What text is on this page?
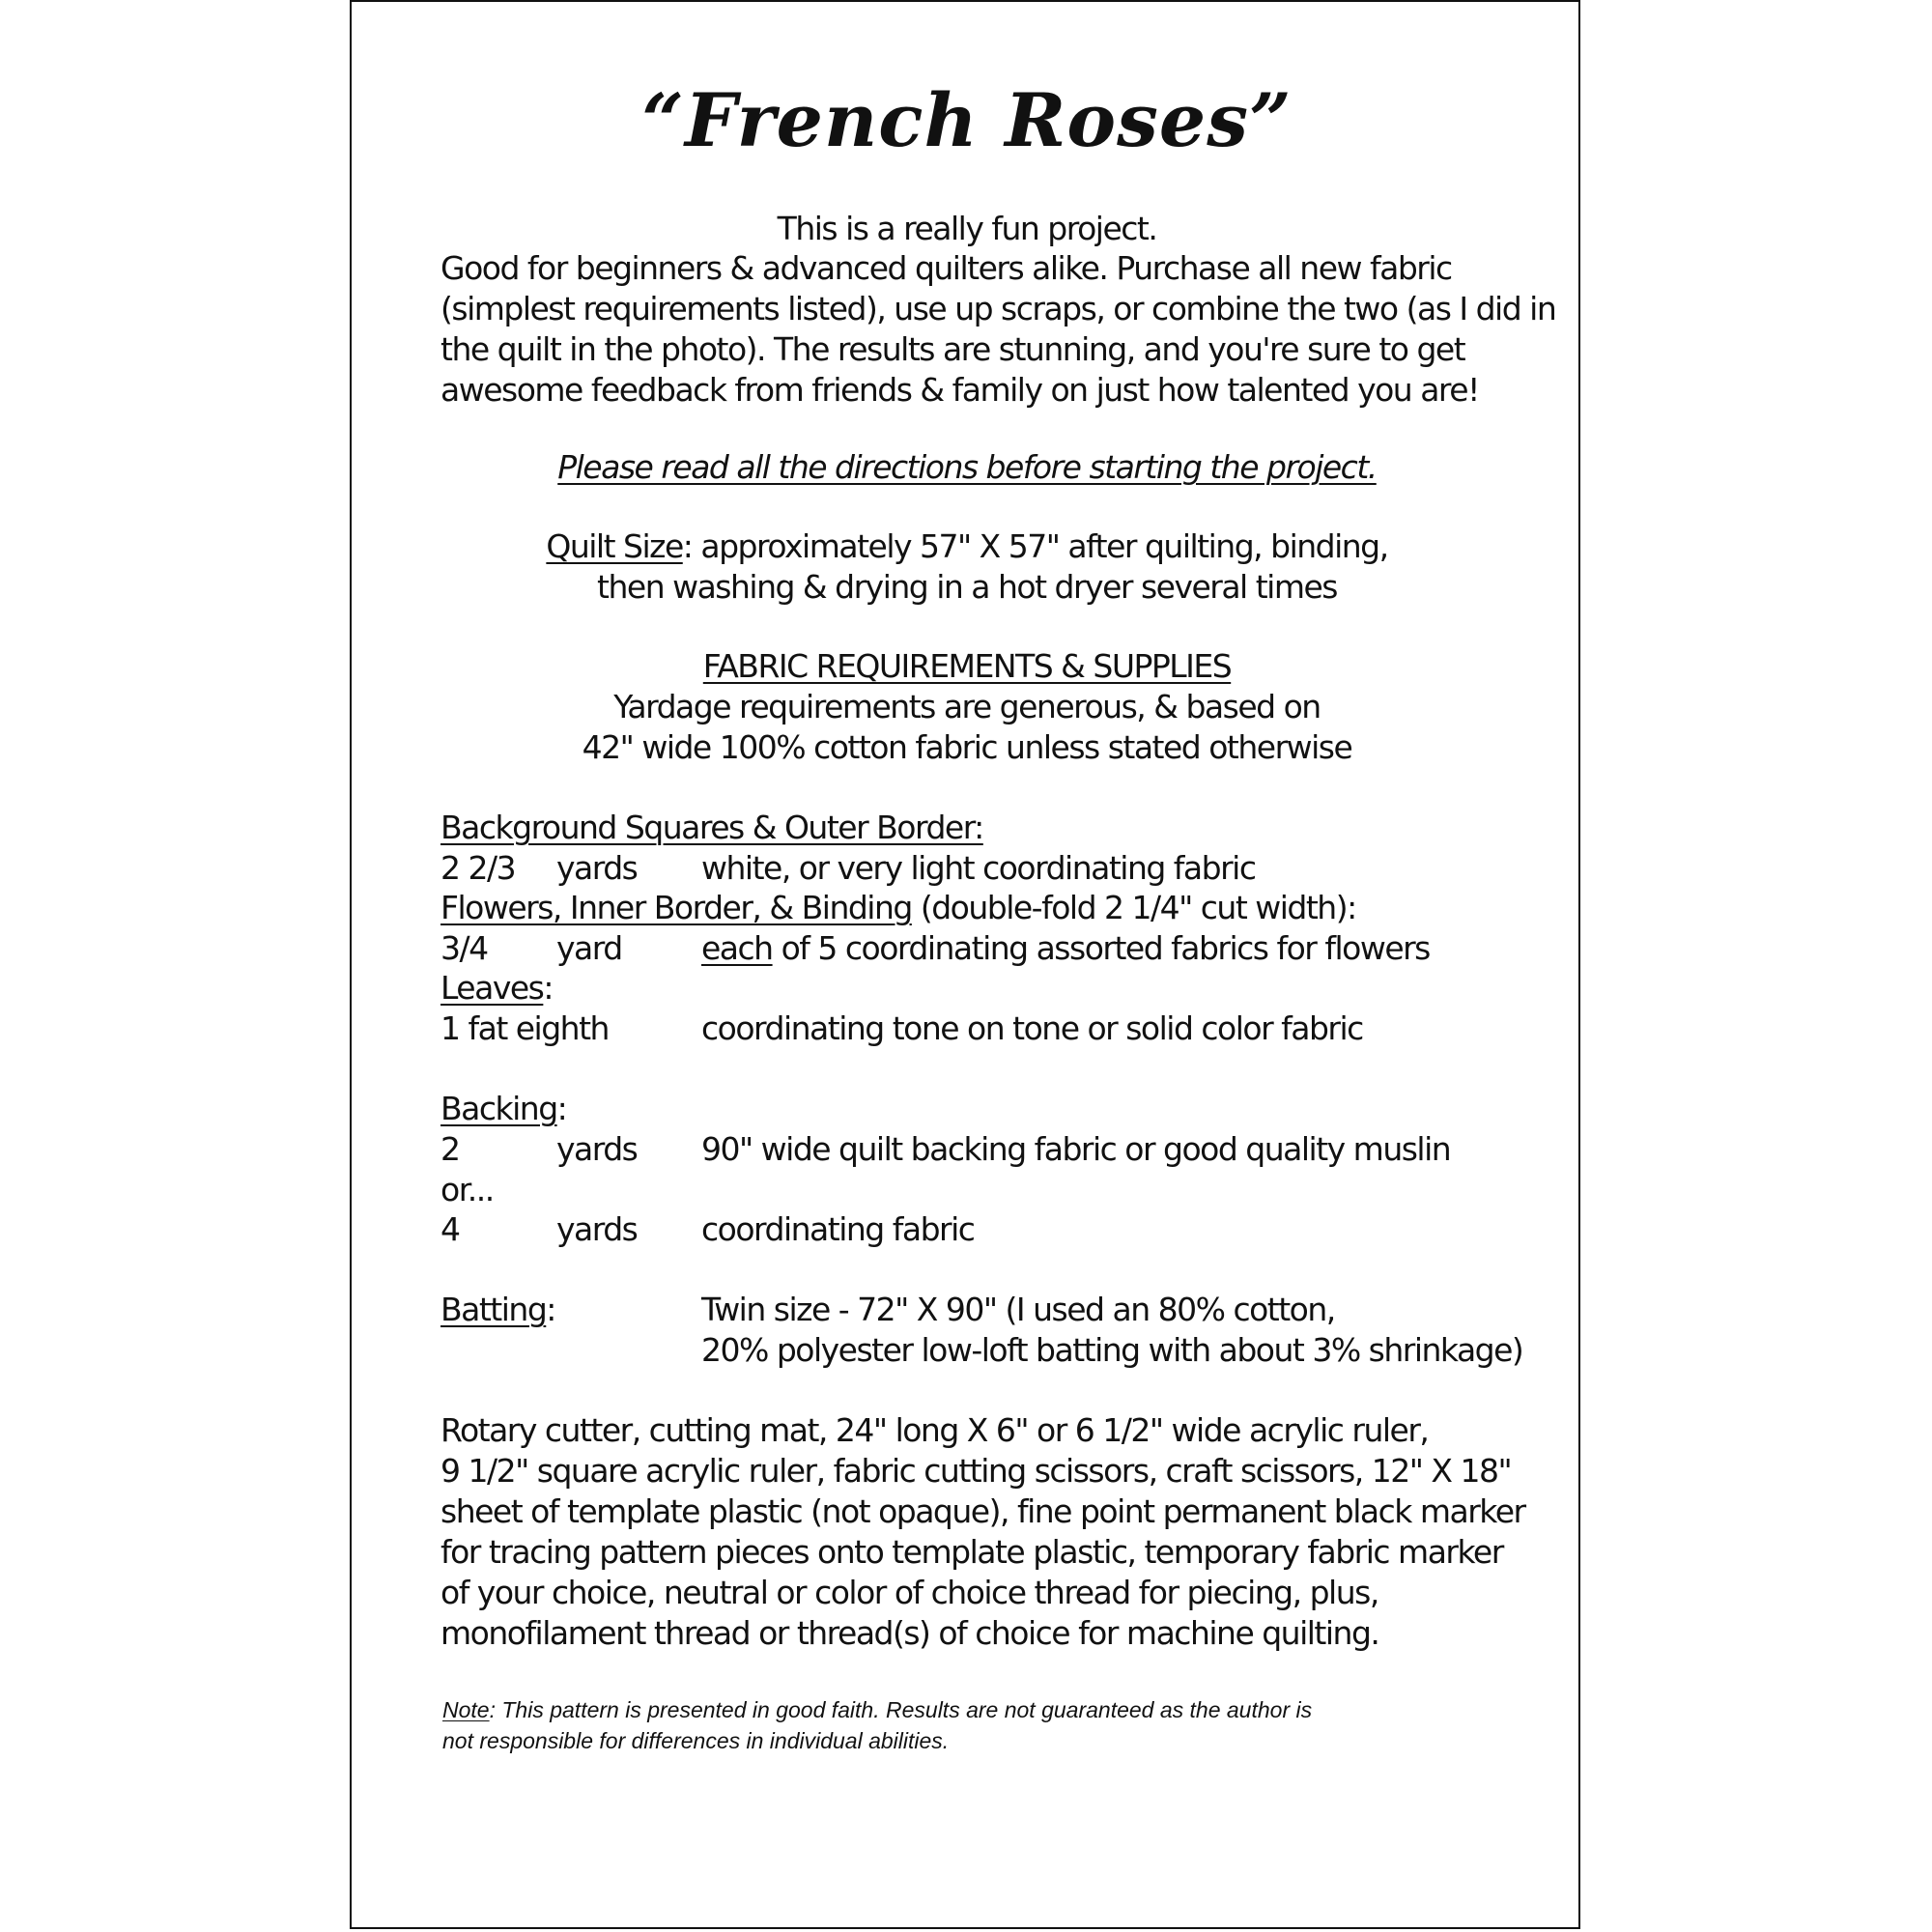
“French Roses”
This is a really fun project.
Good for beginners & advanced quilters alike. Purchase all new fabric
(simplest requirements listed), use up scraps, or combine the two (as I did in
the quilt in the photo). The results are stunning, and you're sure to get
awesome feedback from friends & family on just how talented you are!
Please read all the directions before starting the project.
Quilt Size: approximately 57" X 57" after quilting, binding,
then washing & drying in a hot dryer several times
FABRIC REQUIREMENTS & SUPPLIES
Yardage requirements are generous, & based on
42" wide 100% cotton fabric unless stated otherwise
Background Squares & Outer Border:
2 2/3 yards white, or very light coordinating fabric
Flowers, Inner Border, & Binding (double-fold 2 1/4" cut width):
3/4 yard each of 5 coordinating assorted fabrics for flowers
Leaves:
1 fat eighth	coordinating tone on tone or solid color fabric
Backing:
2	yards 90" wide quilt backing fabric or good quality muslin
or...
4	yards coordinating fabric
Batting:	Twin size - 72" X 90" (I used an 80% cotton,
20% polyester low-loft batting with about 3% shrinkage)
Rotary cutter, cutting mat, 24" long X 6" or 6 1/2" wide acrylic ruler,
9 1/2" square acrylic ruler, fabric cutting scissors, craft scissors, 12" X 18"
sheet of template plastic (not opaque), fine point permanent black marker
for tracing pattern pieces onto template plastic, temporary fabric marker
of your choice, neutral or color of choice thread for piecing, plus,
monofilament thread or thread(s) of choice for machine quilting.
Note: This pattern is presented in good faith. Results are not guaranteed as the author is
not responsible for differences in individual abilities.
